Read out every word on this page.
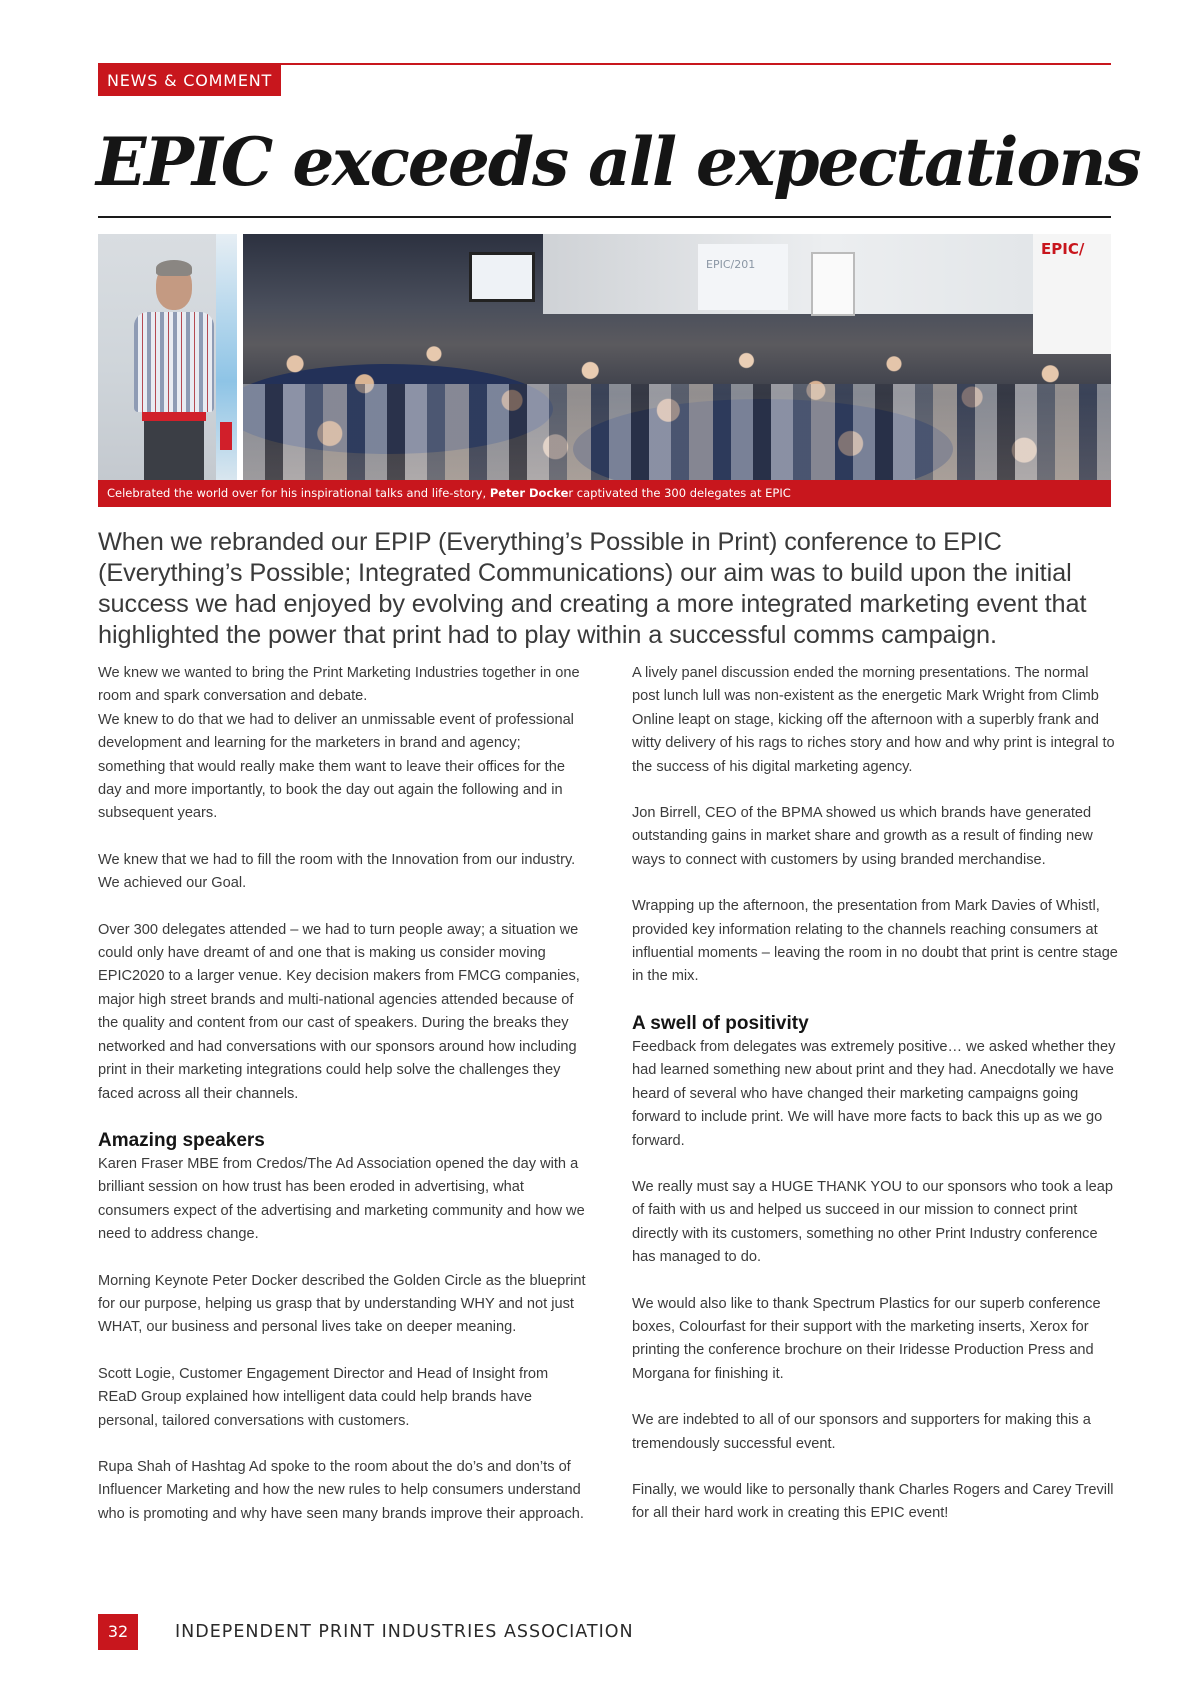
NEWS & COMMENT
EPIC exceeds all expectations
EPIC/201
EPIC/
Celebrated the world over for his inspirational talks and life-story, Peter Docker captivated the 300 delegates at EPIC

When we rebranded our EPIP (Everything’s Possible in Print) conference to EPIC (Everything’s Possible; Integrated Communications) our aim was to build upon the initial success we had enjoyed by evolving and creating a more integrated marketing event that highlighted the power that print had to play within a successful comms campaign.

We knew we wanted to bring the Print Marketing Industries together in one room and spark conversation and debate.

We knew to do that we had to deliver an unmissable event of professional development and learning for the marketers in brand and agency; something that would really make them want to leave their offices for the day and more importantly, to book the day out again the following and in subsequent years.

We knew that we had to fill the room with the Innovation from our industry. We achieved our Goal.

Over 300 delegates attended – we had to turn people away; a situation we could only have dreamt of and one that is making us consider moving EPIC2020 to a larger venue. Key decision makers from FMCG companies, major high street brands and multi-national agencies attended because of the quality and content from our cast of speakers. During the breaks they networked and had conversations with our sponsors around how including print in their marketing integrations could help solve the challenges they faced across all their channels.

Amazing speakers

Karen Fraser MBE from Credos/The Ad Association opened the day with a brilliant session on how trust has been eroded in advertising, what consumers expect of the advertising and marketing community and how we need to address change.

Morning Keynote Peter Docker described the Golden Circle as the blueprint for our purpose, helping us grasp that by understanding WHY and not just WHAT, our business and personal lives take on deeper meaning.

Scott Logie, Customer Engagement Director and Head of Insight from REaD Group explained how intelligent data could help brands have personal, tailored conversations with customers.

Rupa Shah of Hashtag Ad spoke to the room about the do’s and don’ts of Influencer Marketing and how the new rules to help consumers understand who is promoting and why have seen many brands improve their approach.

A lively panel discussion ended the morning presentations. The normal post lunch lull was non-existent as the energetic Mark Wright from Climb Online leapt on stage, kicking off the afternoon with a superbly frank and witty delivery of his rags to riches story and how and why print is integral to the success of his digital marketing agency.

Jon Birrell, CEO of the BPMA showed us which brands have generated outstanding gains in market share and growth as a result of finding new ways to connect with customers by using branded merchandise.

Wrapping up the afternoon, the presentation from Mark Davies of Whistl, provided key information relating to the channels reaching consumers at influential moments – leaving the room in no doubt that print is centre stage in the mix.

A swell of positivity

Feedback from delegates was extremely positive… we asked whether they had learned something new about print and they had. Anecdotally we have heard of several who have changed their marketing campaigns going forward to include print. We will have more facts to back this up as we go forward.

We really must say a HUGE THANK YOU to our sponsors who took a leap of faith with us and helped us succeed in our mission to connect print directly with its customers, something no other Print Industry conference has managed to do.

We would also like to thank Spectrum Plastics for our superb conference boxes, Colourfast for their support with the marketing inserts, Xerox for printing the conference brochure on their Iridesse Production Press and Morgana for finishing it.

We are indebted to all of our sponsors and supporters for making this a tremendously successful event.

Finally, we would like to personally thank Charles Rogers and Carey Trevill for all their hard work in creating this EPIC event!

32	INDEPENDENT PRINT INDUSTRIES ASSOCIATION
